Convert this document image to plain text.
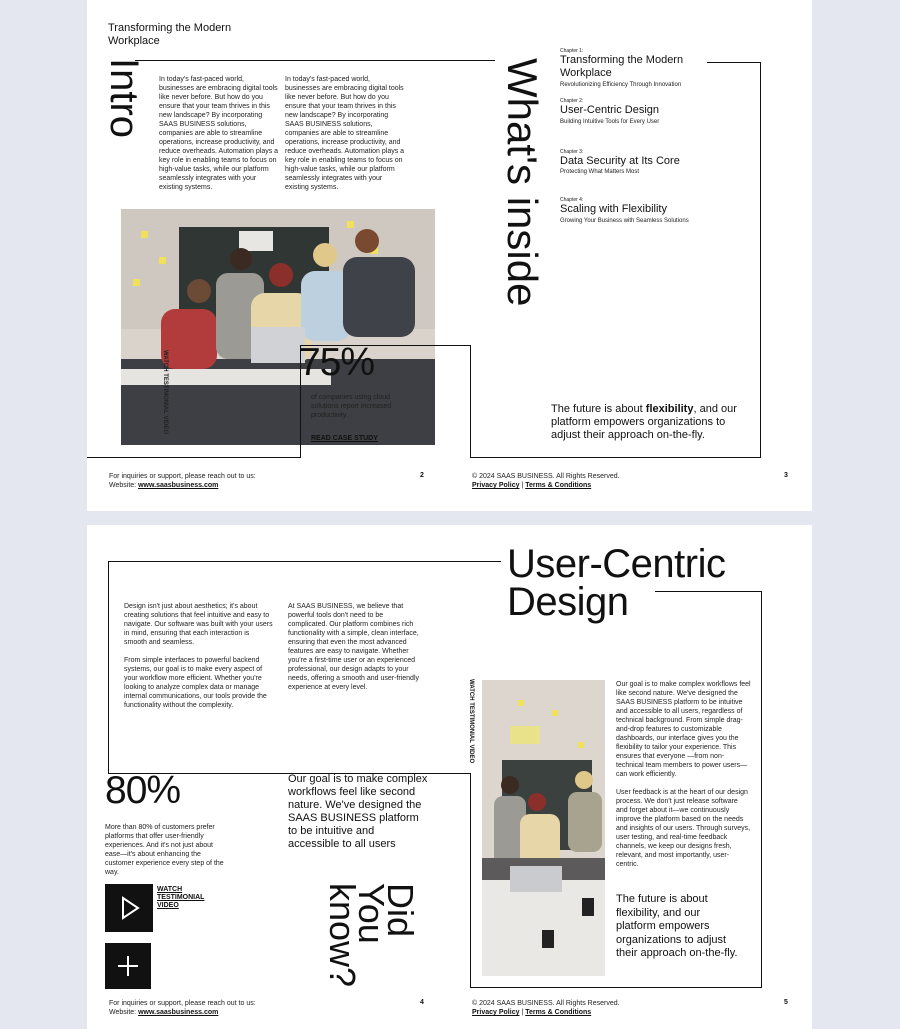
Transforming the Modern Workplace
Intro In today's fast-paced world, businesses are embracing digital tools like never before. But how do you ensure that your team thrives in this new landscape? By incorporating SAAS BUSINESS solutions, companies are able to streamline operations, increase productivity, and reduce overheads. Automation plays a key role in enabling teams to focus on high-value tasks, while our platform seamlessly integrates with your existing systems.
In today's fast-paced world, businesses are embracing digital tools like never before. But how do you ensure that your team thrives in this new landscape? By incorporating SAAS BUSINESS solutions, companies are able to streamline operations, increase productivity, and reduce overheads. Automation plays a key role in enabling teams to focus on high-value tasks, while our platform seamlessly integrates with your existing systems.
WATCH TESTIMONIAL VIDEO	75%
of companies using cloud solutions report increased productivity.
READ CASE STUDY
For inquiries or support, please reach out to us:
Website: www.saasbusiness.com
2
What's inside
Chapter 1:
Transforming the Modern Workplace
Revolutionizing Efficiency Through Innovation
Chapter 2:
User-Centric Design
Building Intuitive Tools for Every User
Chapter 3:
Data Security at Its Core
Protecting What Matters Most
Chapter 4:
Scaling with Flexibility
Growing Your Business with Seamless Solutions
The future is about flexibility, and our platform empowers organizations to adjust their approach on-the-fly.
© 2024 SAAS BUSINESS. All Rights Reserved.
Privacy Policy | Terms & Conditions
3
User-Centric
Design

Design isn't just about aesthetics; it's about creating solutions that feel intuitive and easy to navigate. Our software was built with your users in mind, ensuring that each interaction is smooth and seamless.

From simple interfaces to powerful backend systems, our goal is to make every aspect of your workflow more efficient. Whether you're looking to analyze complex data or manage internal communications, our tools provide the functionality without the complexity.

At SAAS BUSINESS, we believe that powerful tools don't need to be complicated. Our platform combines rich functionality with a simple, clean interface, ensuring that even the most advanced features are easy to navigate. Whether you're a first-time user or an experienced professional, our design adapts to your needs, offering a smooth and user-friendly experience at every level.

80%
More than 80% of customers prefer platforms that offer user-friendly experiences. And it's not just about ease—it's about enhancing the customer experience every step of the way.
WATCH TESTIMONIAL VIDEO
Our goal is to make complex workflows feel like second nature. We've designed the SAAS BUSINESS platform to be intuitive and accessible to all users
Did
You
know?
WATCH TESTIMONIAL VIDEO	Our goal is to make complex workflows feel like second nature. We've designed the SAAS BUSINESS platform to be intuitive and accessible to all users, regardless of technical background. From simple drag-and-drop features to customizable dashboards, our interface gives you the flexibility to tailor your experience. This ensures that everyone —from non-technical team members to power users—can work efficiently.

User feedback is at the heart of our design process. We don't just release software and forget about it—we continuously improve the platform based on the needs and insights of our users. Through surveys, user testing, and real-time feedback channels, we keep our designs fresh, relevant, and most importantly, user-centric.

The future is about flexibility, and our platform empowers organizations to adjust their approach on-the-fly.
For inquiries or support, please reach out to us:
Website: www.saasbusiness.com
4	© 2024 SAAS BUSINESS. All Rights Reserved.
Privacy Policy | Terms & Conditions
5
